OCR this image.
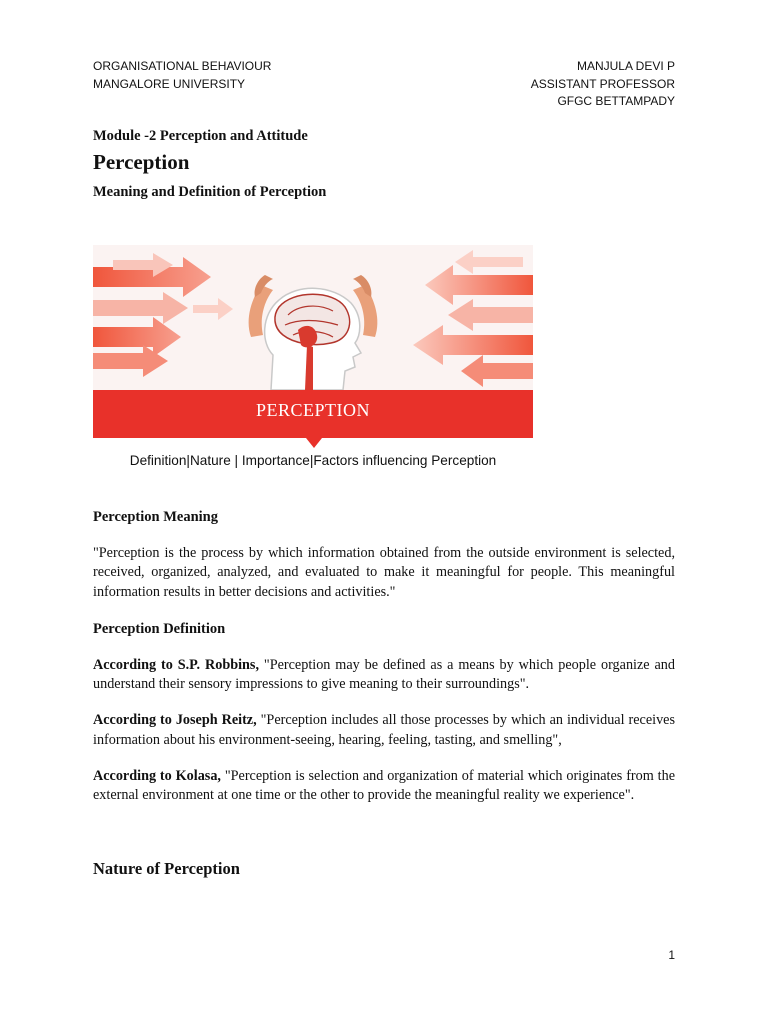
ORGANISATIONAL BEHAVIOUR
MANGALORE UNIVERSITY
MANJULA DEVI P
ASSISTANT PROFESSOR
GFGC BETTAMPADY
Module -2 Perception and Attitude
Perception
Meaning and Definition of Perception
PERCEPTION
Definition|Nature | Importance|Factors influencing Perception
Perception Meaning

"Perception is the process by which information obtained from the outside environment is selected, received, organized, analyzed, and evaluated to make it meaningful for people. This meaningful information results in better decisions and activities."

Perception Definition

According to S.P. Robbins, "Perception may be defined as a means by which people organize and understand their sensory impressions to give meaning to their surroundings".

According to Joseph Reitz, "Perception includes all those processes by which an individual receives information about his environment-seeing, hearing, feeling, tasting, and smelling",

According to Kolasa, "Perception is selection and organization of material which originates from the external environment at one time or the other to provide the meaningful reality we experience".

Nature of Perception
1
